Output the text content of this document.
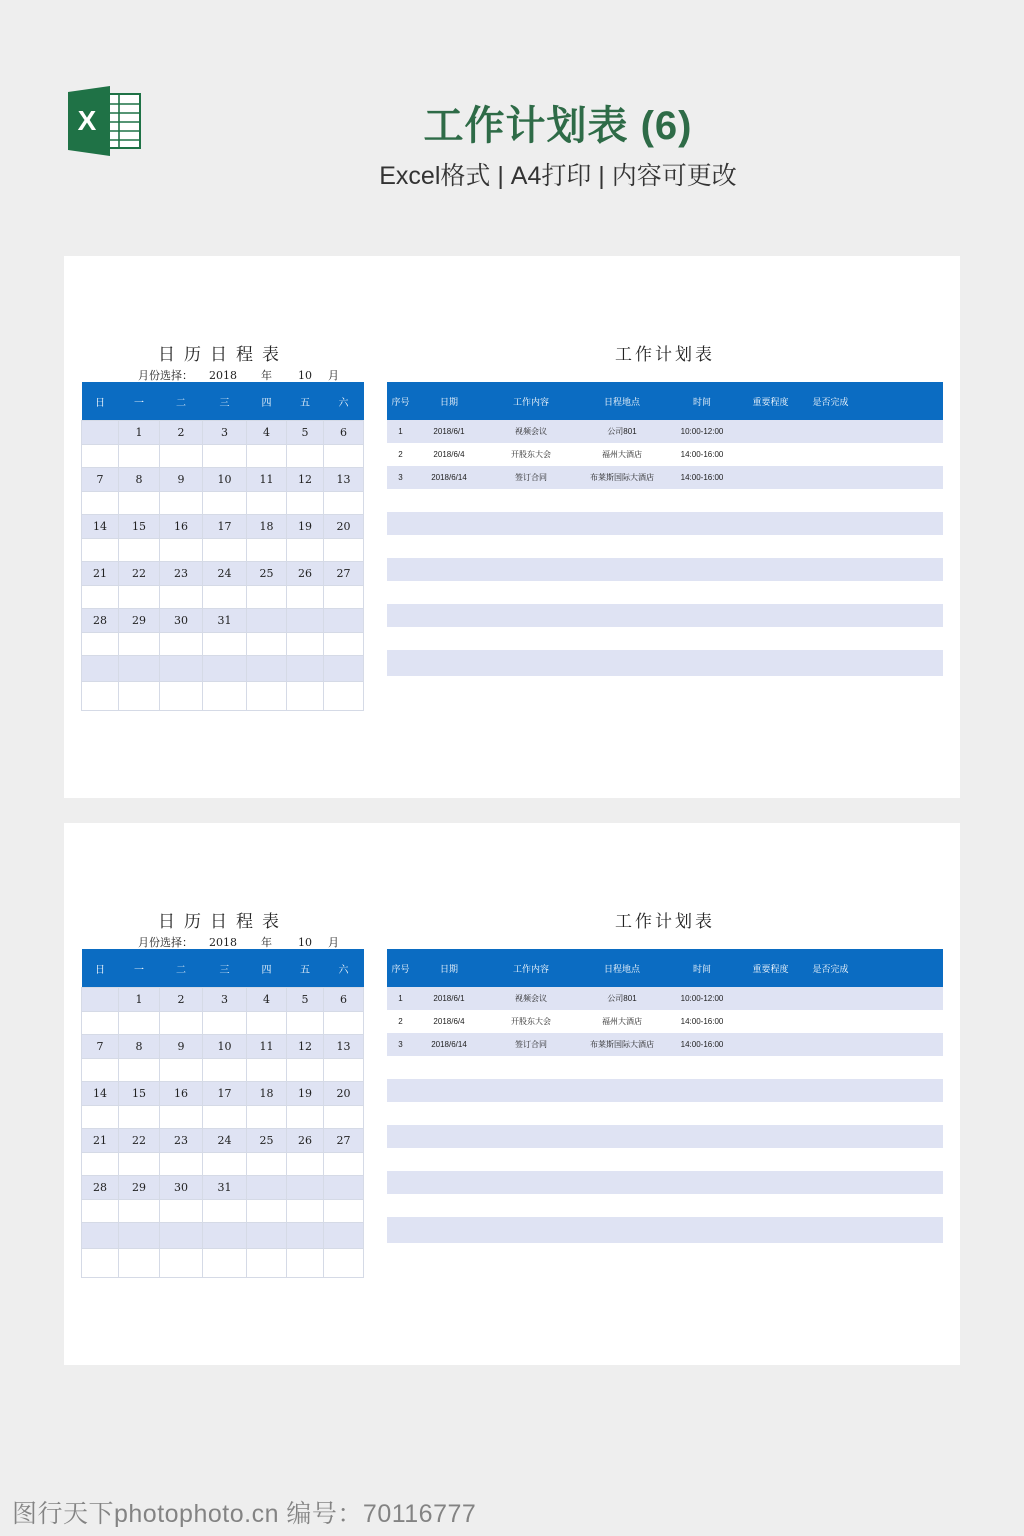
X	工作计划表 (6)
Excel格式 | A4打印 | 内容可更改
日历日程表
月份选择： 2018 年 10 月
日	一	二	三	四	五	六
	1	2	3	4	5	6

7	8	9	10	11	12	13

14	15	16	17	18	19	20

21	22	23	24	25	26	27

28	29	30	31			

工作计划表
序号	日期	工作内容	日程地点	时间	重要程度	是否完成	
1	2018/6/1	视频会议	公司801	10:00-12:00			
2	2018/6/4	开股东大会	福州大酒店	14:00-16:00			
3	2018/6/14	签订合同	布莱斯国际大酒店	14:00-16:00			

日历日程表
月份选择： 2018 年 10 月
日	一	二	三	四	五	六
	1	2	3	4	5	6

7	8	9	10	11	12	13

14	15	16	17	18	19	20

21	22	23	24	25	26	27

28	29	30	31			

工作计划表
序号	日期	工作内容	日程地点	时间	重要程度	是否完成	
1	2018/6/1	视频会议	公司801	10:00-12:00			
2	2018/6/4	开股东大会	福州大酒店	14:00-16:00			
3	2018/6/14	签订合同	布莱斯国际大酒店	14:00-16:00			

图行天下photophoto.cn 编号：70116777
